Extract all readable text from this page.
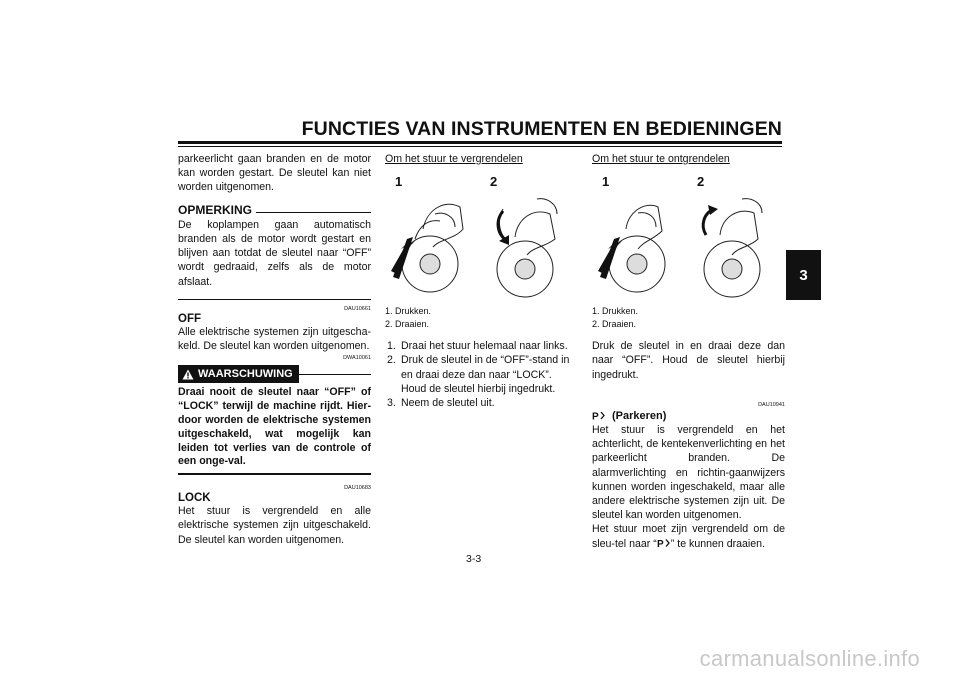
FUNCTIES VAN INSTRUMENTEN EN BEDIENINGEN
3

parkeerlicht gaan branden en de motor kan worden gestart. De sleutel kan niet worden uitgenomen.

OPMERKING

De koplampen gaan automatisch branden als de motor wordt gestart en blijven aan totdat de sleutel naar “OFF” wordt gedraaid, zelfs als de motor afslaat.

DAU10661
OFF

Alle elektrische systemen zijn uitgescha-keld. De sleutel kan worden uitgenomen.

DWA10061
WAARSCHUWING

Draai nooit de sleutel naar “OFF” of “LOCK” terwijl de machine rijdt. Hier-door worden de elektrische systemen uitgeschakeld, wat mogelijk kan leiden tot verlies van de controle of een onge-val.

DAU10683
LOCK

Het stuur is vergrendeld en alle elektrische systemen zijn uitgeschakeld. De sleutel kan worden uitgenomen.

Om het stuur te vergrendelen

1	2
1. Drukken.
2. Draaien.
1. Draai het stuur helemaal naar links.
2. Druk de sleutel in de “OFF”-stand in en draai deze dan naar “LOCK”. Houd de sleutel hierbij ingedrukt.
3. Neem de sleutel uit.

Om het stuur te ontgrendelen

1	2
1. Drukken.
2. Draaien.

Druk de sleutel in en draai deze dan naar “OFF”. Houd de sleutel hierbij ingedrukt.

DAU10941
P (Parkeren)

Het stuur is vergrendeld en het achterlicht, de kentekenverlichting en het parkeerlicht branden. De alarmverlichting en richtin-gaanwijzers kunnen worden ingeschakeld, maar alle andere elektrische systemen zijn uit. De sleutel kan worden uitgenomen.

Het stuur moet zijn vergrendeld om de sleu-tel naar “ P ” te kunnen draaien.

3-3
carmanualsonline.info
